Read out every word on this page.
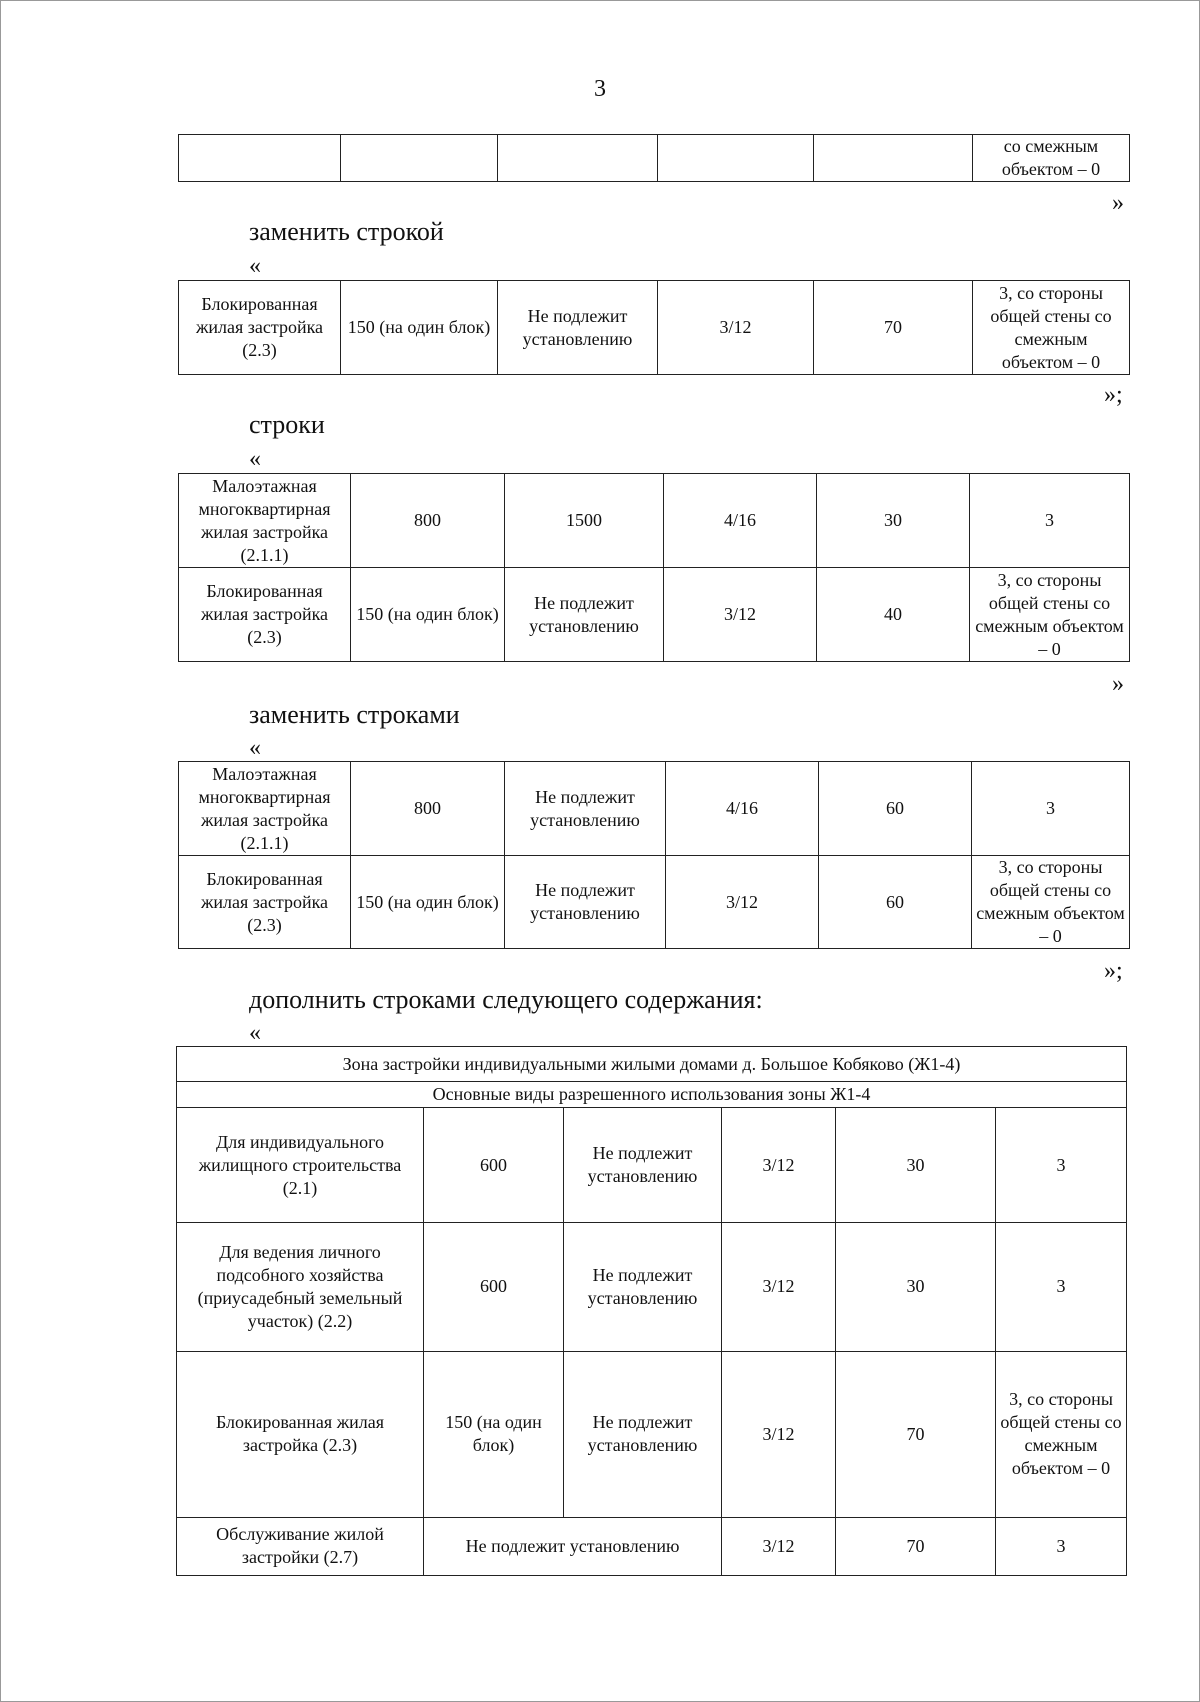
3
					со смежным объектом – 0
»
заменить строкой
«
Блокированная жилая застройка (2.3)	150 (на один блок)	Не подлежит установлению	3/12	70	3, со стороны общей стены со смежным объектом – 0
»;
строки
«
Малоэтажная многоквартирная жилая застройка (2.1.1)	800	1500	4/16	30	3
Блокированная жилая застройка (2.3)	150 (на один блок)	Не подлежит установлению	3/12	40	3, со стороны общей стены со смежным объектом – 0
»
заменить строками
«
Малоэтажная многоквартирная жилая застройка (2.1.1)	800	Не подлежит установлению	4/16	60	3
Блокированная жилая застройка (2.3)	150 (на один блок)	Не подлежит установлению	3/12	60	3, со стороны общей стены со смежным объектом – 0
»;
дополнить строками следующего содержания:
«
Зона застройки индивидуальными жилыми домами д. Большое Кобяково (Ж1-4)					
Основные виды разрешенного использования зоны Ж1-4					
Для индивидуального жилищного строительства (2.1)	600	Не подлежит установлению	3/12	30	3
Для ведения личного подсобного хозяйства (приусадебный земельный участок) (2.2)	600	Не подлежит установлению	3/12	30	3
Блокированная жилая застройка (2.3)	150 (на один блок)	Не подлежит установлению	3/12	70	3, со стороны общей стены со смежным объектом – 0
Обслуживание жилой застройки (2.7)	Не подлежит установлению		3/12	70	3
